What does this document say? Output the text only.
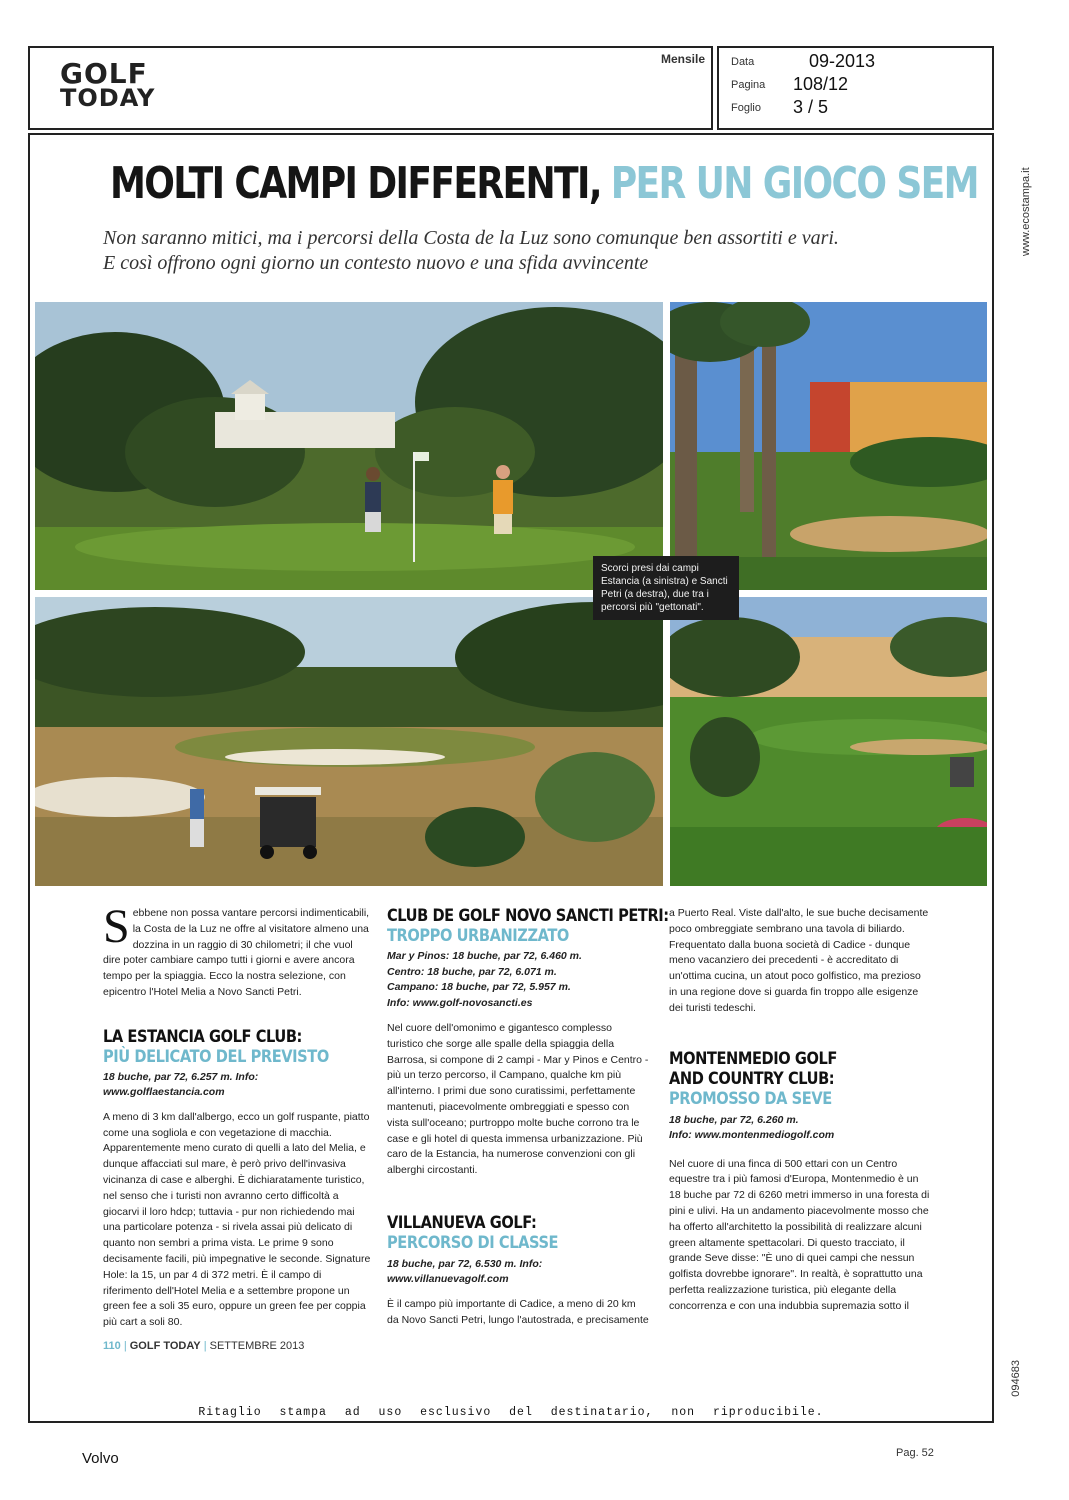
GOLF
TODAY
Mensile Data	09-2013
Pagina 108/12
Foglio 3 / 5
www.ecostampa.it
094683
MOLTI CAMPI DIFFERENTI, PER UN GIOCO SEM
Non saranno mitici, ma i percorsi della Costa de la Luz sono comunque ben assortiti e vari.
E così offrono ogni giorno un contesto nuovo e una sfida avvincente
Scorci presi dai campi Estancia (a sinistra) e Sancti Petri (a destra), due tra i percorsi più "gettonati".
Sebbene non possa vantare percorsi indimenticabili, la Costa de la Luz ne offre al visitatore almeno una dozzina in un raggio di 30 chilometri; il che vuol dire poter cambiare campo tutti i giorni e avere ancora tempo per la spiaggia. Ecco la nostra selezione, con epicentro l'Hotel Melia a Novo Sancti Petri.
LA ESTANCIA GOLF CLUB:
PIÙ DELICATO DEL PREVISTO
18 buche, par 72, 6.257 m. Info: www.golflaestancia.com

A meno di 3 km dall'albergo, ecco un golf ruspante, piatto come una sogliola e con vegetazione di macchia. Apparentemente meno curato di quelli a lato del Melia, e dunque affacciati sul mare, è però privo dell'invasiva vicinanza di case e alberghi. È dichiaratamente turistico, nel senso che i turisti non avranno certo difficoltà a giocarvi il loro hdcp; tuttavia - pur non richiedendo mai una particolare potenza - si rivela assai più delicato di quanto non sembri a prima vista. Le prime 9 sono decisamente facili, più impegnative le seconde. Signature Hole: la 15, un par 4 di 372 metri. È il campo di riferimento dell'Hotel Melia e a settembre propone un green fee a soli 35 euro, oppure un green fee per coppia più cart a soli 80.

CLUB DE GOLF NOVO SANCTI PETRI:
TROPPO URBANIZZATO
Mar y Pinos: 18 buche, par 72, 6.460 m.
Centro: 18 buche, par 72, 6.071 m.
Campano: 18 buche, par 72, 5.957 m.
Info: www.golf-novosancti.es

Nel cuore dell'omonimo e gigantesco complesso turistico che sorge alle spalle della spiaggia della Barrosa, si compone di 2 campi - Mar y Pinos e Centro - più un terzo percorso, il Campano, qualche km più all'interno. I primi due sono curatissimi, perfettamente mantenuti, piacevolmente ombreggiati e spesso con vista sull'oceano; purtroppo molte buche corrono tra le case e gli hotel di questa immensa urbanizzazione. Più caro de la Estancia, ha numerose convenzioni con gli alberghi circostanti.

VILLANUEVA GOLF:
PERCORSO DI CLASSE
18 buche, par 72, 6.530 m. Info: www.villanuevagolf.com

È il campo più importante di Cadice, a meno di 20 km da Novo Sancti Petri, lungo l'autostrada, e precisamente

a Puerto Real. Viste dall'alto, le sue buche decisamente poco ombreggiate sembrano una tavola di biliardo. Frequentato dalla buona società di Cadice - dunque meno vacanziero dei precedenti - è accreditato di un'ottima cucina, un atout poco golfistico, ma prezioso in una regione dove si guarda fin troppo alle esigenze dei turisti tedeschi.

MONTENMEDIO GOLF
AND COUNTRY CLUB:
PROMOSSO DA SEVE
18 buche, par 72, 6.260 m.
Info: www.montenmediogolf.com

Nel cuore di una finca di 500 ettari con un Centro equestre tra i più famosi d'Europa, Montenmedio è un 18 buche par 72 di 6260 metri immerso in una foresta di pini e ulivi. Ha un andamento piacevolmente mosso che ha offerto all'architetto la possibilità di realizzare alcuni green altamente spettacolari. Di questo tracciato, il grande Seve disse: "È uno di quei campi che nessun golfista dovrebbe ignorare". In realtà, è soprattutto una perfetta realizzazione turistica, più elegante della concorrenza e con una indubbia supremazia sotto il

110 | GOLF TODAY | SETTEMBRE 2013
Ritaglio stampa ad uso esclusivo del destinatario, non riproducibile.
Volvo	Pag. 52
